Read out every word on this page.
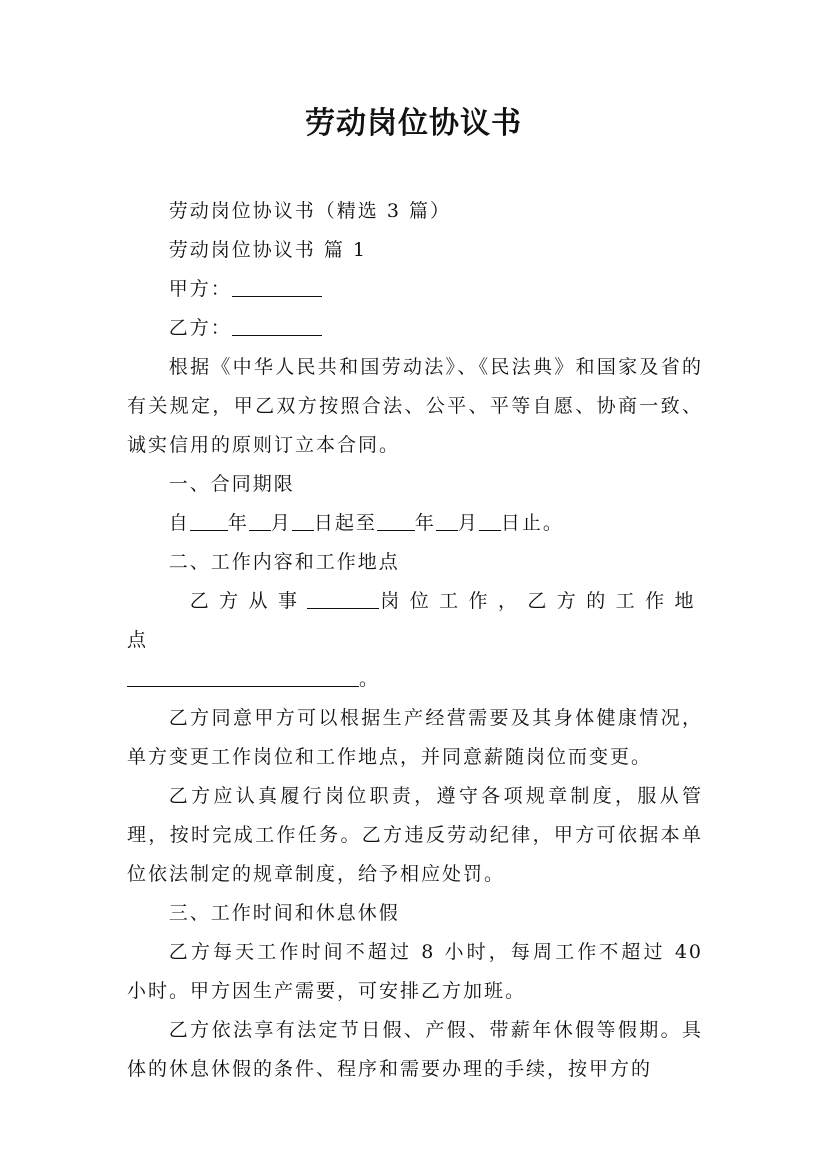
劳动岗位协议书

劳动岗位协议书（精选 3 篇）

劳动岗位协议书 篇 1

甲方：

乙方：

根据《中华人民共和国劳动法》、《民法典》和国家及省的有关规定，甲乙双方按照合法、公平、平等自愿、协商一致、诚实信用的原则订立本合同。

一、合同期限

自 年 月 日起至 年 月 日止。

二、工作内容和工作地点

乙方从事	岗位工作，乙方的工作地点

。

乙方同意甲方可以根据生产经营需要及其身体健康情况，单方变更工作岗位和工作地点，并同意薪随岗位而变更。

乙方应认真履行岗位职责，遵守各项规章制度，服从管理，按时完成工作任务。乙方违反劳动纪律，甲方可依据本单位依法制定的规章制度，给予相应处罚。

三、工作时间和休息休假

乙方每天工作时间不超过 8 小时，每周工作不超过 40 小时。甲方因生产需要，可安排乙方加班。

乙方依法享有法定节日假、产假、带薪年休假等假期。具体的休息休假的条件、程序和需要办理的手续，按甲方的
